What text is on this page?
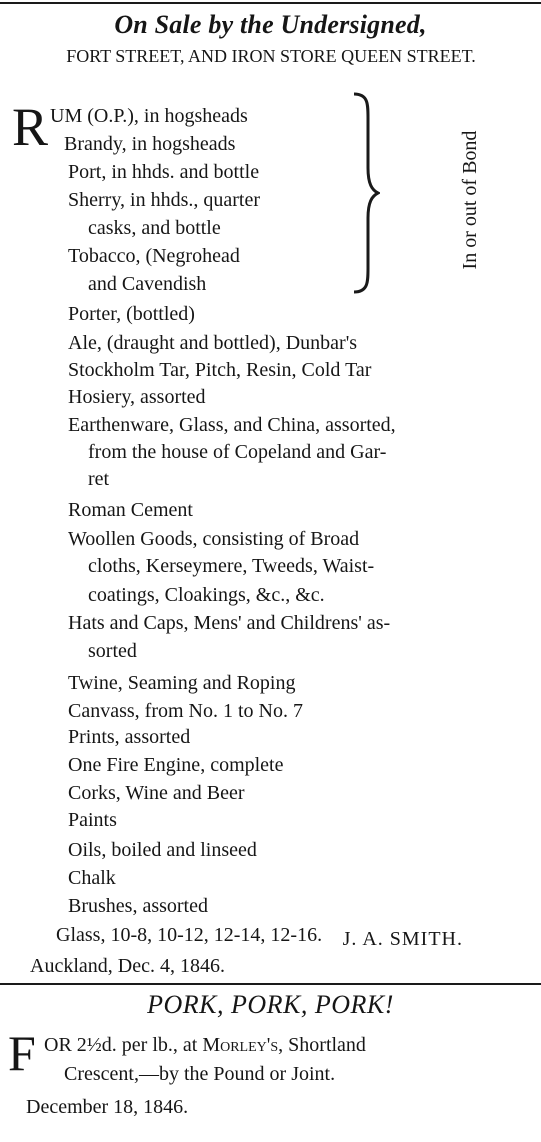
On Sale by the Undersigned,
FORT STREET, AND IRON STORE QUEEN STREET.
R UM (O.P.), in hogsheads
Brandy, in hogsheads
Port, in hhds. and bottle
Sherry, in hhds., quarter
casks, and bottle
Tobacco, (Negrohead
and Cavendish
In or out of Bond
Porter, (bottled)
Ale, (draught and bottled), Dunbar's
Stockholm Tar, Pitch, Resin, Cold Tar
Hosiery, assorted
Earthenware, Glass, and China, assorted,
from the house of Copeland and Gar-
ret
Roman Cement
Woollen Goods, consisting of Broad
cloths, Kerseymere, Tweeds, Waist-
coatings, Cloakings, &c., &c.
Hats and Caps, Mens' and Childrens' as-
sorted
Twine, Seaming and Roping
Canvass, from No. 1 to No. 7
Prints, assorted
One Fire Engine, complete
Corks, Wine and Beer
Paints
Oils, boiled and linseed
Chalk
Brushes, assorted
Glass, 10-8, 10-12, 12-14, 12-16. J. A. SMITH.
Auckland, Dec. 4, 1846.
PORK, PORK, PORK!
F OR 2½d. per lb., at Morley's, Shortland
Crescent,—by the Pound or Joint.
December 18, 1846.
